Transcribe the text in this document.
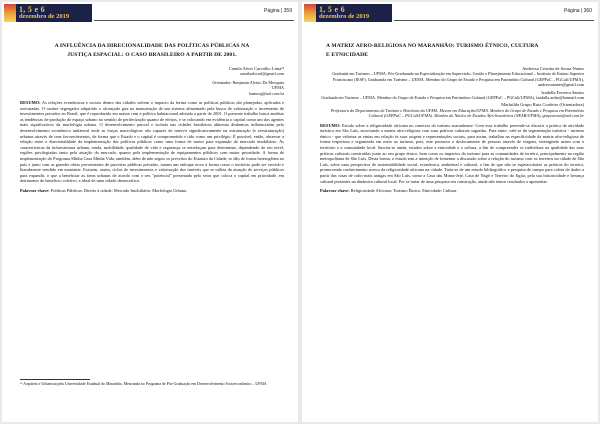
1, 5 e 6
dezembro de 2019
Página | 359
A INFLUÊNCIA DA DIRECIONALIDADE DAS POLÍTICAS PÚBLICAS NA
JUSTIÇA ESPACIAL: O CASO BRASILEIRO A PARTIR DE 2001.
Camila Alves Carvalho Lima¹²
camilaalvcarl@gmail.com
Orientador: Benjamin Alvino De Mesquita
UFMA
bamesq@uol.com.br
RESUMO: As relações econômicas e sociais dentro das cidades sofrem o impacto da forma como as políticas públicas são planejadas, aplicadas e executadas. O caráter segregador adquirido e alcançado gira na manutenção de um sistema alimentado pela busca de valorização e incremento de investimentos privados no Brasil, que é reproduzido em massa com a política habitacional adotada a partir de 2001. O presente trabalho busca analisar as tendências de produção do espaço urbano no sentido de periferização quanto de efeitos, e se colocando em evidência o capital como um dos agentes mais significativos da morfologia urbana. O desenvolvimento parcial e isolado nas cidades brasileiras alimenta dinâmicas influenciadas pelo desenvolvimento econômico unilateral onde as forças macrológicas são capazes de intervir significativamente na estruturação (e reestruturação) urbanas através de seus favorecimentos, de forma que o Estado e o capital é comprometido e tido como um privilégio. É possível, então, observar a relação entre a direcionalidade da implementação das políticas públicas como uma forma de motor para expansão do mercado imobiliário. As características da infraestrutura urbana, renda, mobilidade, qualidade de vida e segurança se entrelaçam para determinar, dependendo de seu nível, regiões privilegiadas tanto pela atuação do mercado, quanto pela implementação de equipamentos públicos com maior prioridade. A forma de implementação do Programa Minha Casa Minha Vida, também, além de não seguir os preceitos do Estatuto da Cidade, se dão de forma heterogênea no país e junto com as grandes obras provenientes de parcerias públicas privadas, tratam um enfoque novo à forma como o território pode ser servido e literalmente vendido em montante. Existem, assim, ciclos de investimentos e valorização dos imóveis que se utiliza da atuação de serviços públicos para expandir, o que a beneficiar as áreas urbanas de acordo com o seu "potencial" presentado pelo setor que coloca o capital em prioridade, em detrimento do beneficio coletivo, e ideal de uma cidade democrática.
Palavras-chave: Políticas Públicas; Direito à cidade; Mercado Imobiliário; Morfologia Urbana.
¹² Arquiteta e Urbanista pela Universidade Estadual do Maranhão, Mestranda no Programa de Pós-Graduação em Desenvolvimento Socioeconômico – UFMA
1, 5 e 6
dezembro de 2019
Página | 360
A MATRIZ AFRO-RELIGIOSA NO MARANHÃO: TURISMO ÉTNICO, CULTURA
E ETNICIDADE
Andressa Cristina de Sousa Nunes
Graduada em Turismo – UFMA. Pós-Graduanda na Especialização em Supervisão, Gestão e Planejamento Educacional – Instituto de Ensino Superior Franciscano (IESF). Graduanda em Turismo – UEMA. Membro do Grupo de Estudo e Pesquisa em Patrimônio Cultural (GEPPaC – PGCult/UFMA), andressanunes@gmail.com
Izadalla Ferreira Santos
Graduada em Turismo – UFMA. Membro do Grupo de Estudo e Pesquisa em Patrimônio Cultural (GEPPaC – PGCult/UFMA), izadalla.ardas@hotmail.com
Marluilda Grupo Ruiz Cordeiro (Orientadora)
Professora do Departamento de Turismo e Hotelaria da UFMA. Mestra em Educação/UFMA. Membro do Grupo de Estudo e Pesquisa em Patrimônio Cultural (GEPPaC – PGCult/UFMA). Membro do Núcleo de Estudos Afro-brasileiros (NEAB/UFMA), grupoteruiz@uol.com.br
RESUMO: Estudo sobre a religiosidade africana no contexto do turismo maranhense. Com esse trabalho pretende-se discutir a prática da atividade turística em São Luís, associando a matriz afro-religiosa com suas práticas culturais sagradas. Para tanto, vale-se da segmentação turística - turismo étnico - que valoriza as etnias em relação às suas origens e representações sociais, para assim, trabalhar na especificidade da matriz afro-religiosa de forma respeitosa e organizada em meio ao turismo, pois, este promove o deslocamento de pessoas através de viagens, interagindo assim com o território e a comunidade local. Suscita-se ainda, estudos sobre a etnicidade e a cultura, a fim de compreender os indivíduos na qualidade das suas práticas culturais construídas junto ao seu grupo étnico, bem como os impactos do turismo para as comunidades de terreiro, principalmente na região metropolitana de São Luís. Desta forma, o estudo tem a intenção de fomentar a discussão sobre a relação do turismo com os terreiros na cidade de São Luís, sobre uma perspectiva de sustentabilidade social, econômica, ambiental e cultural, a fim de que não se espetacularize as práticas do terreiro, promovendo conhecimento acerca da religiosidade africana na cidade. Trata-se de um estudo bibliográfico e pesquisa de campo para coleta de dados a partir das casas de culto mais antigas em São Luís, como a Casa das Minas-Jeje, Casa de Nagô e Terreiro do Egito, pela sua historicidade e herança cultural presentes na dinâmica cultural local. Por se tratar de uma pesquisa em construção, ainda não temos resultados a apresentar.
Palavras-chave: Religiosidade Africana; Turismo Étnico; Etnicidade; Cultura.
